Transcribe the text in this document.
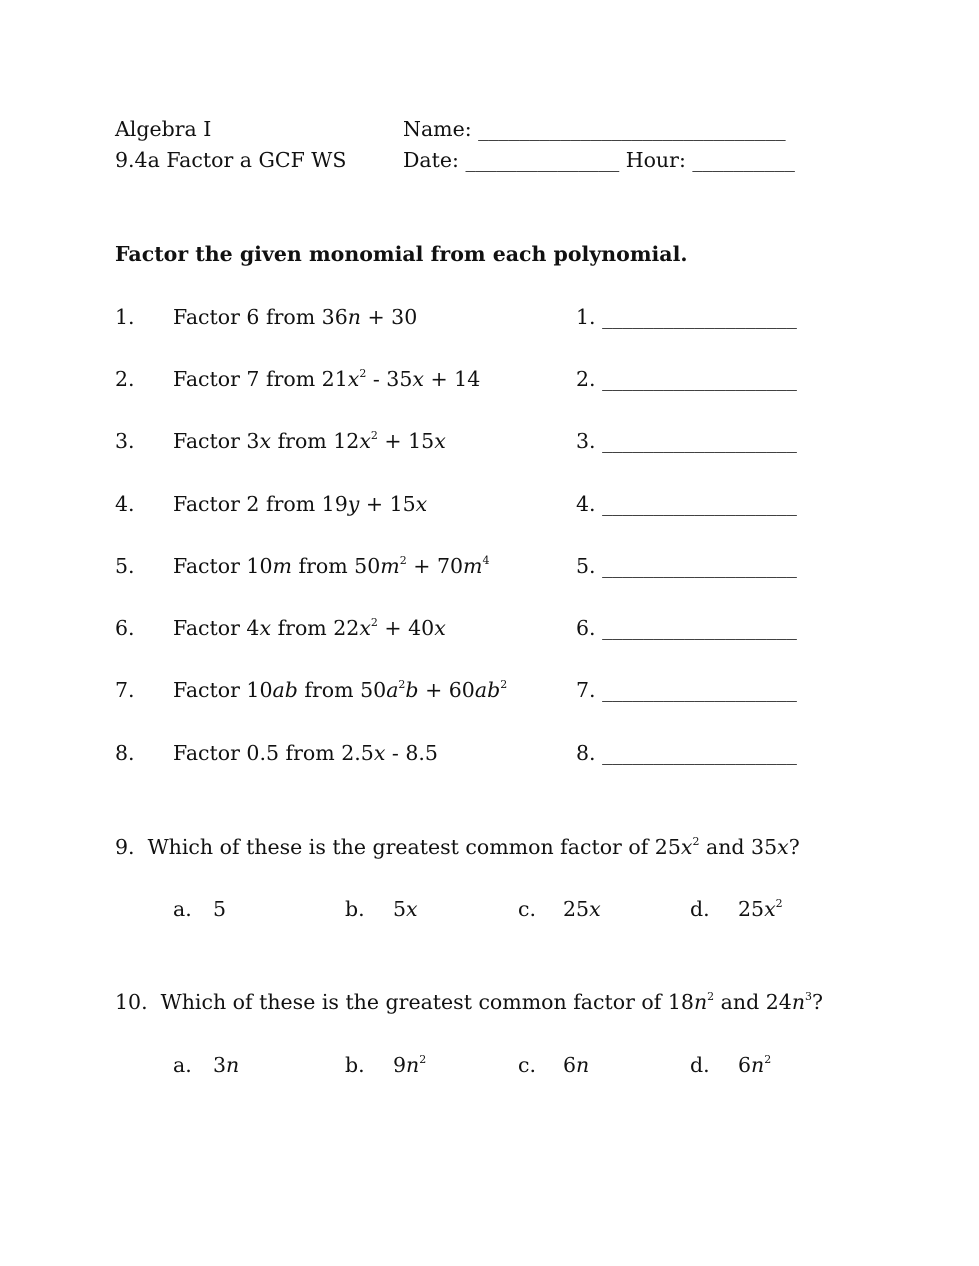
Algebra I
9.4a Factor a GCF WS
Name: ______________________________
Date: _______________ Hour: __________
Factor the given monomial from each polynomial.
1. Factor 6 from 36n + 30	1. ___________________
2. Factor 7 from $21x^2 - 35x + 14$	2. ___________________
3. Factor 3x from $12x^2 + 15x$	3. ___________________
4. Factor 2 from 19y + 15x	4. ___________________
5. Factor 10m from $50m^2 + 70m^4$	5. ___________________
6. Factor 4x from $22x^2 + 40x$	6. ___________________
7. Factor 10ab from $50a^2b + 60ab^2$	7. ___________________
8. Factor 0.5 from 2.5x - 8.5	8. ___________________
9.  Which of these is the greatest common factor of $25x^2$ and 35x?
a. 5	b. 5x	c. 25x	d. $25x^2$
10.  Which of these is the greatest common factor of $18n^2$ and $24n^3$?
a. 3n	b. $9n^2$	c. 6n	d. $6n^2$
